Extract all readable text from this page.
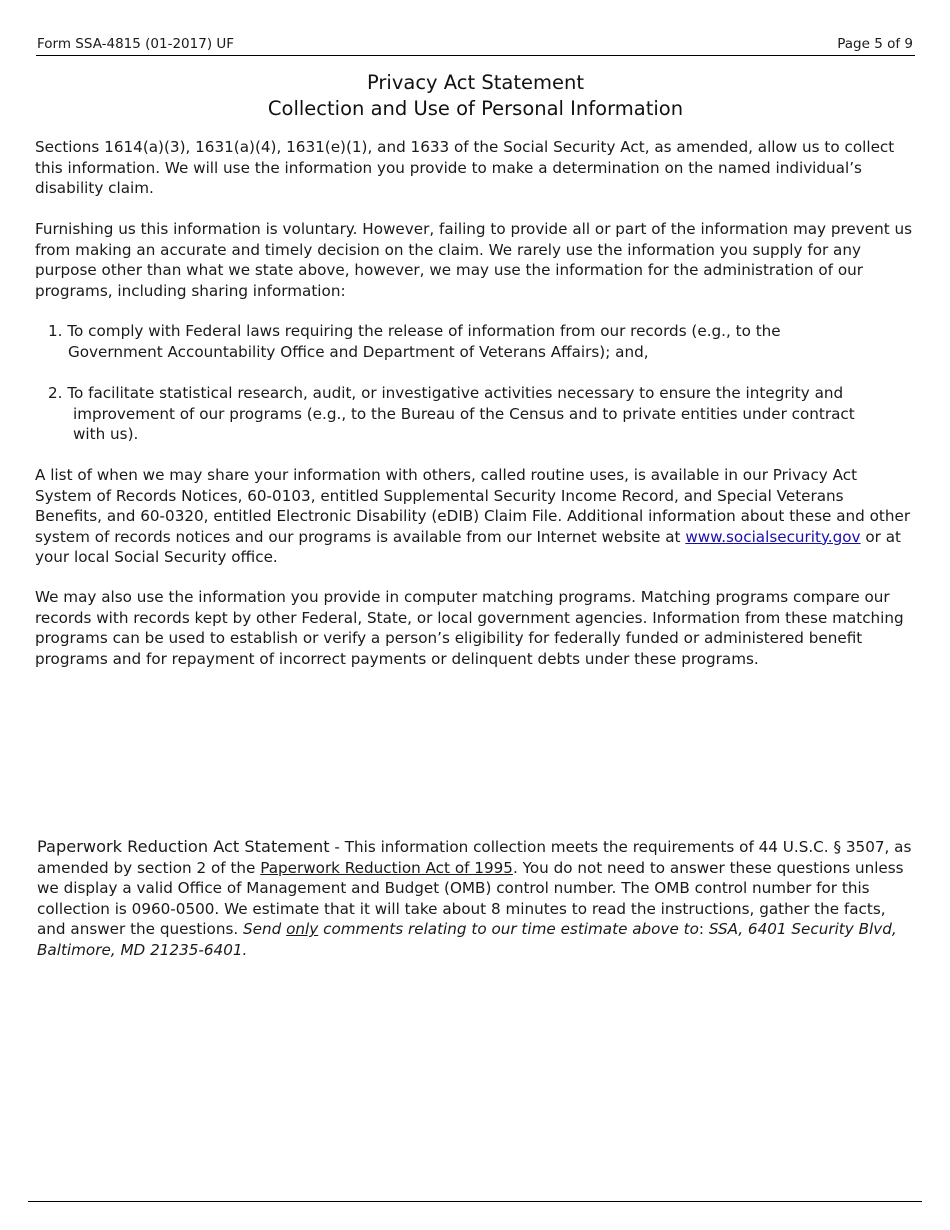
Form SSA-4815 (01-2017) UF	Page 5 of 9
Privacy Act Statement
Collection and Use of Personal Information

Sections 1614(a)(3), 1631(a)(4), 1631(e)(1), and 1633 of the Social Security Act, as amended, allow us to collect this information. We will use the information you provide to make a determination on the named individual’s disability claim.

Furnishing us this information is voluntary. However, failing to provide all or part of the information may prevent us from making an accurate and timely decision on the claim. We rarely use the information you supply for any purpose other than what we state above, however, we may use the information for the administration of our programs, including sharing information:

1. To comply with Federal laws requiring the release of information from our records (e.g., to the
Government Accountability Office and Department of Veterans Affairs); and,
2. To facilitate statistical research, audit, or investigative activities necessary to ensure the integrity and
improvement of our programs (e.g., to the Bureau of the Census and to private entities under contract
with us).

A list of when we may share your information with others, called routine uses, is available in our Privacy Act System of Records Notices, 60-0103, entitled Supplemental Security Income Record, and Special Veterans Benefits, and 60-0320, entitled Electronic Disability (eDIB) Claim File. Additional information about these and other system of records notices and our programs is available from our Internet website at www.socialsecurity.gov or at your local Social Security office.

We may also use the information you provide in computer matching programs. Matching programs compare our records with records kept by other Federal, State, or local government agencies. Information from these matching programs can be used to establish or verify a person’s eligibility for federally funded or administered benefit programs and for repayment of incorrect payments or delinquent debts under these programs.

Paperwork Reduction Act Statement - This information collection meets the requirements of 44 U.S.C. § 3507, as amended by section 2 of the Paperwork Reduction Act of 1995. You do not need to answer these questions unless we display a valid Office of Management and Budget (OMB) control number. The OMB control number for this collection is 0960-0500. We estimate that it will take about 8 minutes to read the instructions, gather the facts, and answer the questions. Send only comments relating to our time estimate above to: SSA, 6401 Security Blvd, Baltimore, MD 21235-6401.
